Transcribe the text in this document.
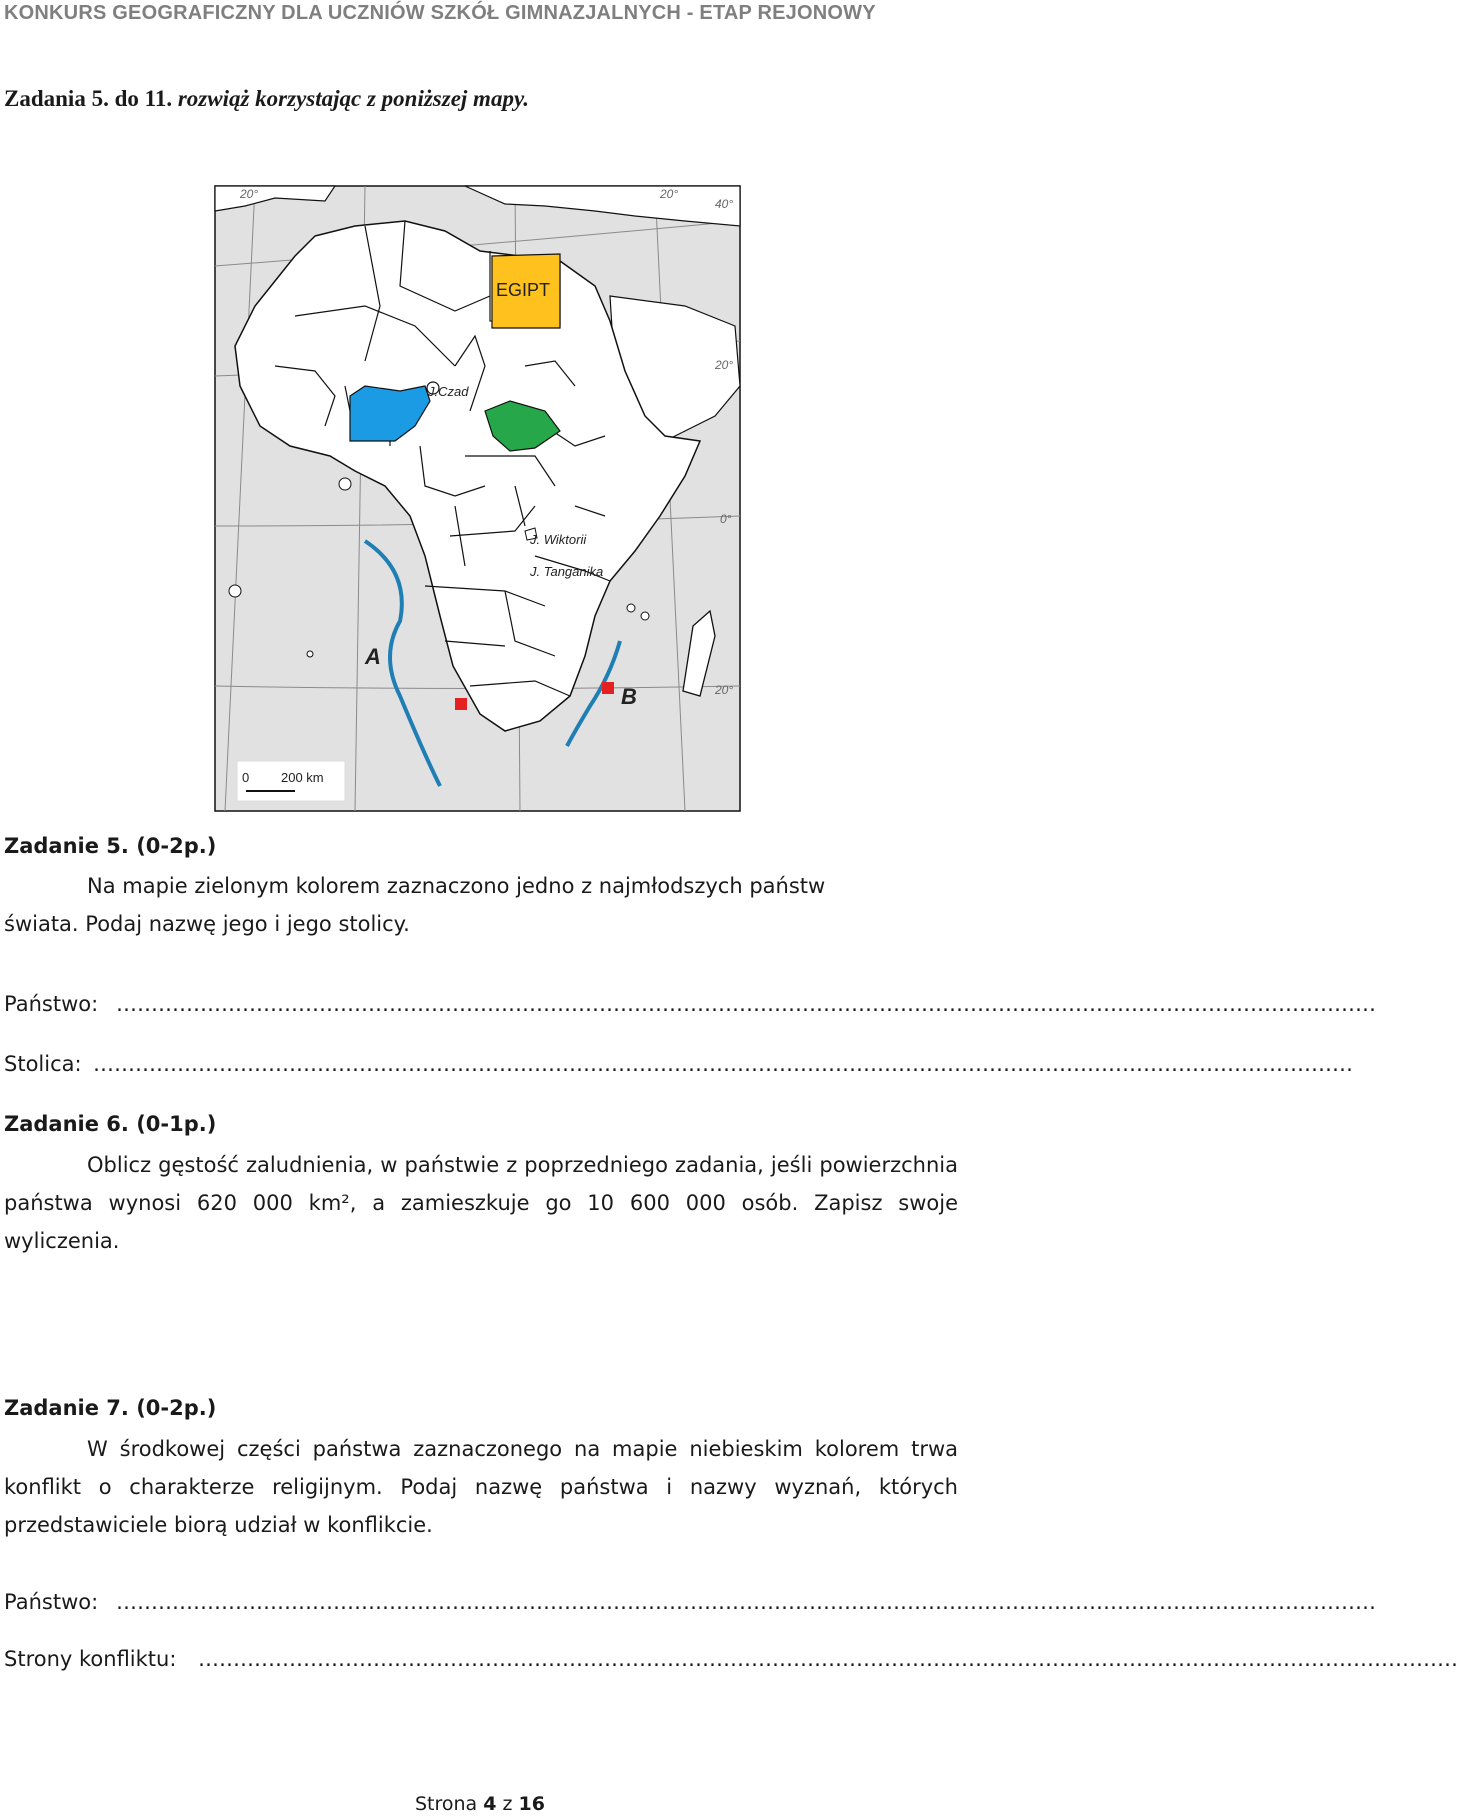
KONKURS GEOGRAFICZNY DLA UCZNIÓW SZKÓŁ GIMNAZJALNYCH - ETAP REJONOWY
Zadania 5. do 11. rozwiąż korzystając z poniższej mapy.
EGIPT
J.Czad
J. Wiktorii
J. Tanganika
A
B
20°	20°
40°
20°
0°
20°
0 200 km
Zadanie 5. (0-2p.)
Na mapie zielonym kolorem zaznaczono jedno z najmłodszych państw
świata. Podaj nazwę jego i jego stolicy.
Państwo: ………………………………………………………………………………………………………………………………………………………………
Stolica: ………………………………………………………………………………………………………………………………………………………………
Zadanie 6. (0-1p.)
Oblicz gęstość zaludnienia, w państwie z poprzedniego zadania, jeśli powierzchnia państwa wynosi 620 000 km², a zamieszkuje go 10 600 000 osób. Zapisz swoje wyliczenia.
Zadanie 7. (0-2p.)
W środkowej części państwa zaznaczonego na mapie niebieskim kolorem trwa konflikt o charakterze religijnym. Podaj nazwę państwa i nazwy wyznań, których przedstawiciele biorą udział w konflikcie.
Państwo: ………………………………………………………………………………………………………………………………………………………………
Strony konfliktu: ………………………………………………………………………………………………………………………………………………………………
Strona 4 z 16
